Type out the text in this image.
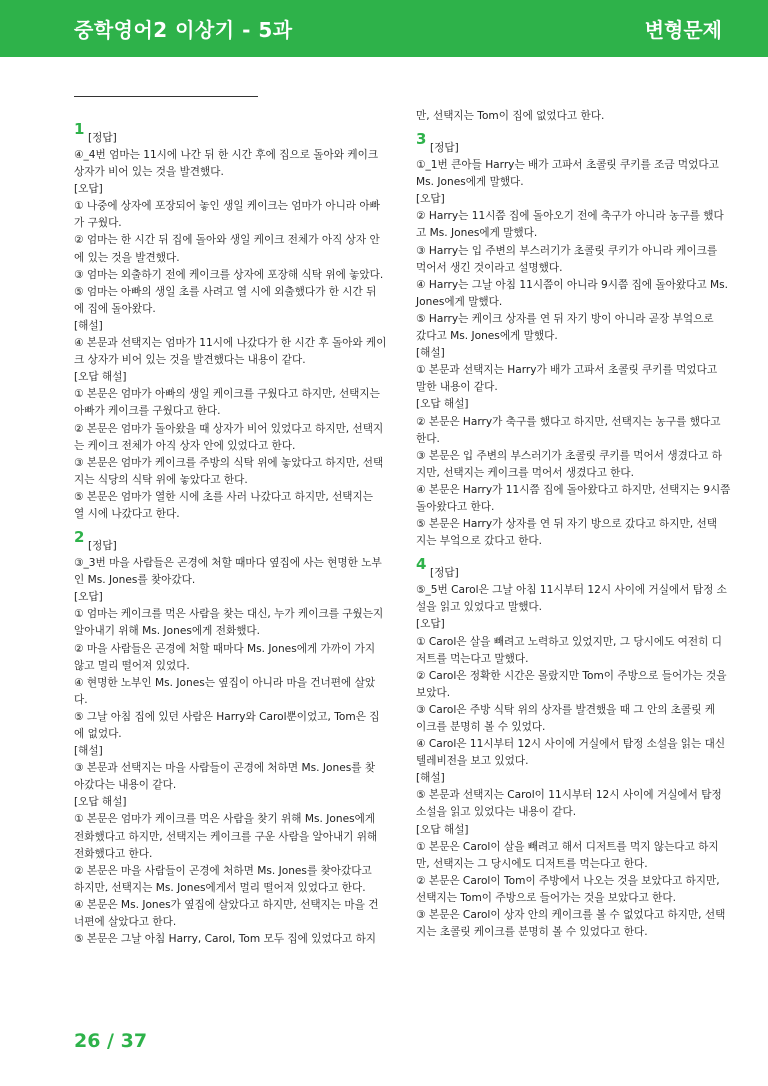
중학영어2 이상기 - 5과	변형문제
1 [정답]
④_4번 엄마는 11시에 나간 뒤 한 시간 후에 집으로 돌아와 케이크
상자가 비어 있는 것을 발견했다.
[오답]
① 나중에 상자에 포장되어 놓인 생일 케이크는 엄마가 아니라 아빠
가 구웠다.
② 엄마는 한 시간 뒤 집에 돌아와 생일 케이크 전체가 아직 상자 안
에 있는 것을 발견했다.
③ 엄마는 외출하기 전에 케이크를 상자에 포장해 식탁 위에 놓았다.
⑤ 엄마는 아빠의 생일 초를 사려고 열 시에 외출했다가 한 시간 뒤
에 집에 돌아왔다.
[해설]
④ 본문과 선택지는 엄마가 11시에 나갔다가 한 시간 후 돌아와 케이
크 상자가 비어 있는 것을 발견했다는 내용이 같다.
[오답 해설]
① 본문은 엄마가 아빠의 생일 케이크를 구웠다고 하지만, 선택지는
아빠가 케이크를 구웠다고 한다.
② 본문은 엄마가 돌아왔을 때 상자가 비어 있었다고 하지만, 선택지
는 케이크 전체가 아직 상자 안에 있었다고 한다.
③ 본문은 엄마가 케이크를 주방의 식탁 위에 놓았다고 하지만, 선택
지는 식당의 식탁 위에 놓았다고 한다.
⑤ 본문은 엄마가 열한 시에 초를 사러 나갔다고 하지만, 선택지는
열 시에 나갔다고 한다.
2 [정답]
③_3번 마을 사람들은 곤경에 처할 때마다 옆집에 사는 현명한 노부
인 Ms. Jones를 찾아갔다.
[오답]
① 엄마는 케이크를 먹은 사람을 찾는 대신, 누가 케이크를 구웠는지
알아내기 위해 Ms. Jones에게 전화했다.
② 마을 사람들은 곤경에 처할 때마다 Ms. Jones에게 가까이 가지
않고 멀리 떨어져 있었다.
④ 현명한 노부인 Ms. Jones는 옆집이 아니라 마을 건너편에 살았
다.
⑤ 그날 아침 집에 있던 사람은 Harry와 Carol뿐이었고, Tom은 집
에 없었다.
[해설]
③ 본문과 선택지는 마을 사람들이 곤경에 처하면 Ms. Jones를 찾
아갔다는 내용이 같다.
[오답 해설]
① 본문은 엄마가 케이크를 먹은 사람을 찾기 위해 Ms. Jones에게
전화했다고 하지만, 선택지는 케이크를 구운 사람을 알아내기 위해
전화했다고 한다.
② 본문은 마을 사람들이 곤경에 처하면 Ms. Jones를 찾아갔다고
하지만, 선택지는 Ms. Jones에게서 멀리 떨어져 있었다고 한다.
④ 본문은 Ms. Jones가 옆집에 살았다고 하지만, 선택지는 마을 건
너편에 살았다고 한다.
⑤ 본문은 그날 아침 Harry, Carol, Tom 모두 집에 있었다고 하지
만, 선택지는 Tom이 집에 없었다고 한다.
3 [정답]
①_1번 큰아들 Harry는 배가 고파서 초콜릿 쿠키를 조금 먹었다고
Ms. Jones에게 말했다.
[오답]
② Harry는 11시쯤 집에 돌아오기 전에 축구가 아니라 농구를 했다
고 Ms. Jones에게 말했다.
③ Harry는 입 주변의 부스러기가 초콜릿 쿠키가 아니라 케이크를
먹어서 생긴 것이라고 설명했다.
④ Harry는 그날 아침 11시쯤이 아니라 9시쯤 집에 돌아왔다고 Ms.
Jones에게 말했다.
⑤ Harry는 케이크 상자를 연 뒤 자기 방이 아니라 곧장 부엌으로
갔다고 Ms. Jones에게 말했다.
[해설]
① 본문과 선택지는 Harry가 배가 고파서 초콜릿 쿠키를 먹었다고
말한 내용이 같다.
[오답 해설]
② 본문은 Harry가 축구를 했다고 하지만, 선택지는 농구를 했다고
한다.
③ 본문은 입 주변의 부스러기가 초콜릿 쿠키를 먹어서 생겼다고 하
지만, 선택지는 케이크를 먹어서 생겼다고 한다.
④ 본문은 Harry가 11시쯤 집에 돌아왔다고 하지만, 선택지는 9시쯤
돌아왔다고 한다.
⑤ 본문은 Harry가 상자를 연 뒤 자기 방으로 갔다고 하지만, 선택
지는 부엌으로 갔다고 한다.
4 [정답]
⑤_5번 Carol은 그날 아침 11시부터 12시 사이에 거실에서 탐정 소
설을 읽고 있었다고 말했다.
[오답]
① Carol은 살을 빼려고 노력하고 있었지만, 그 당시에도 여전히 디
저트를 먹는다고 말했다.
② Carol은 정확한 시간은 몰랐지만 Tom이 주방으로 들어가는 것을
보았다.
③ Carol은 주방 식탁 위의 상자를 발견했을 때 그 안의 초콜릿 케
이크를 분명히 볼 수 있었다.
④ Carol은 11시부터 12시 사이에 거실에서 탐정 소설을 읽는 대신
텔레비전을 보고 있었다.
[해설]
⑤ 본문과 선택지는 Carol이 11시부터 12시 사이에 거실에서 탐정
소설을 읽고 있었다는 내용이 같다.
[오답 해설]
① 본문은 Carol이 살을 빼려고 해서 디저트를 먹지 않는다고 하지
만, 선택지는 그 당시에도 디저트를 먹는다고 한다.
② 본문은 Carol이 Tom이 주방에서 나오는 것을 보았다고 하지만,
선택지는 Tom이 주방으로 들어가는 것을 보았다고 한다.
③ 본문은 Carol이 상자 안의 케이크를 볼 수 없었다고 하지만, 선택
지는 초콜릿 케이크를 분명히 볼 수 있었다고 한다.
26 / 37
